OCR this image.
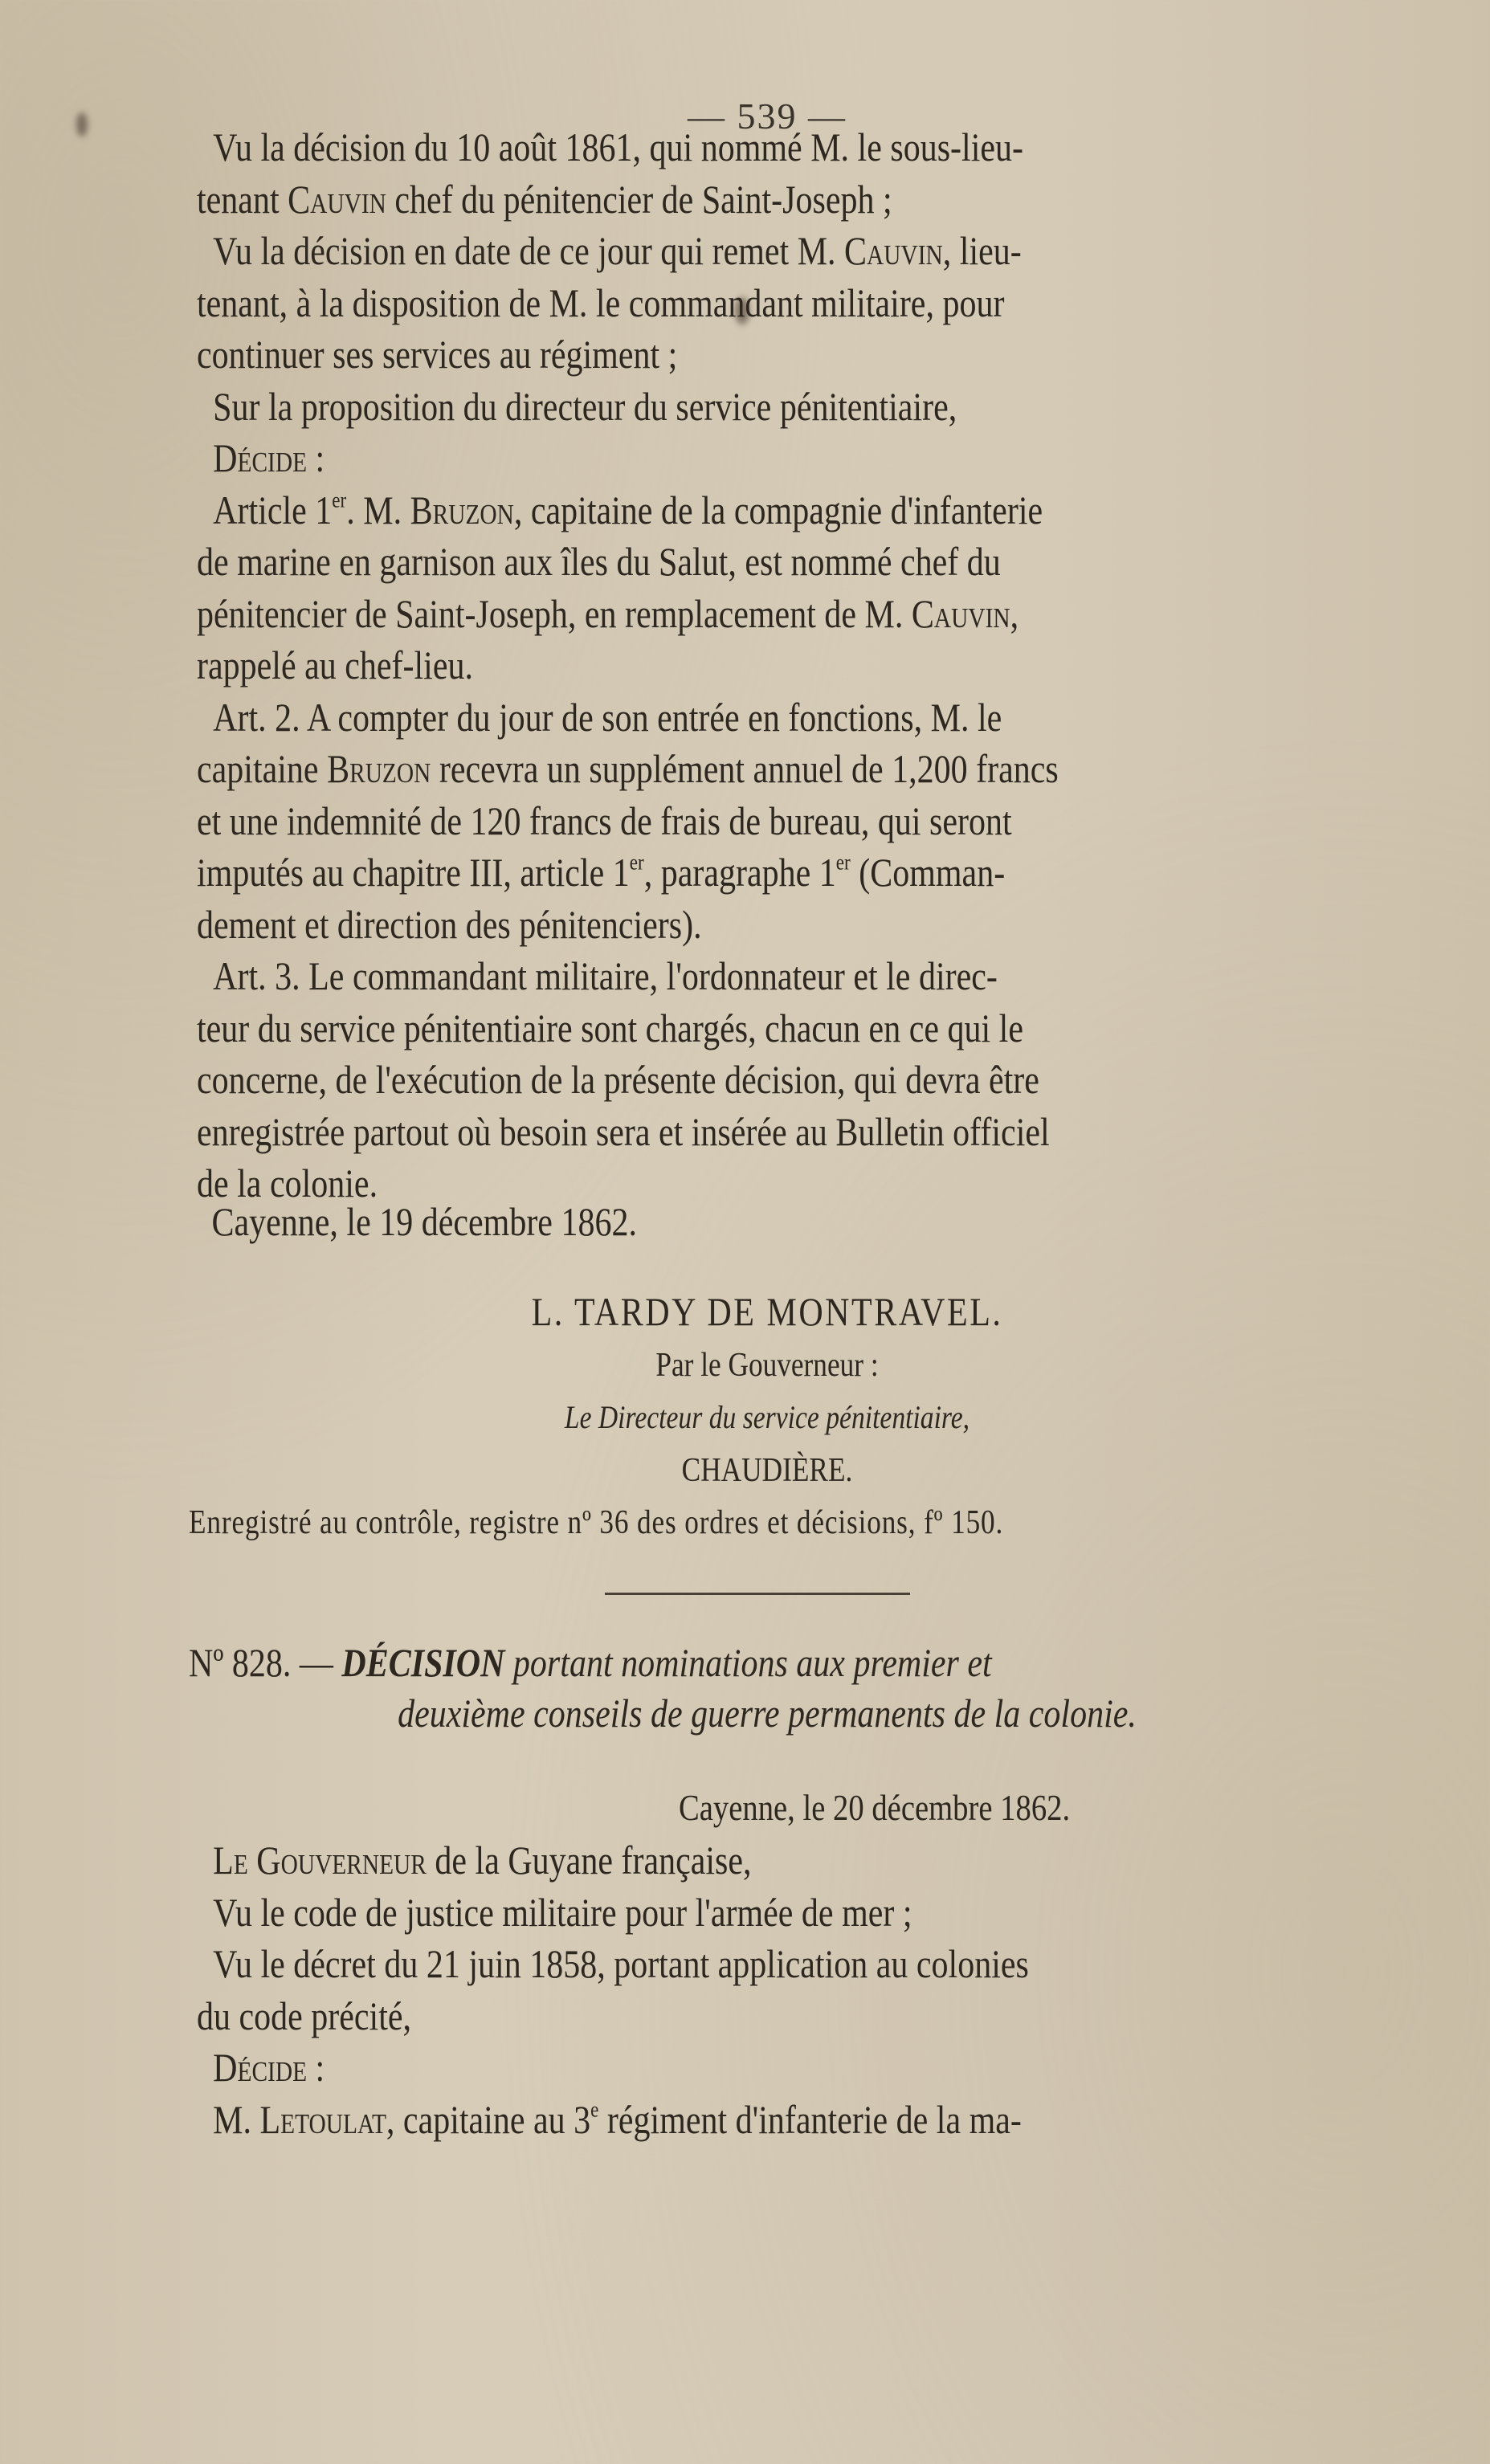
— 539 —
Vu la décision du 10 août 1861, qui nommé M. le sous-lieu-
tenant Cauvin chef du pénitencier de Saint-Joseph ;
Vu la décision en date de ce jour qui remet M. Cauvin, lieu-
tenant, à la disposition de M. le commandant militaire, pour
continuer ses services au régiment ;
Sur la proposition du directeur du service pénitentiaire,
Décide :
Article 1er. M. Bruzon, capitaine de la compagnie d'infanterie
de marine en garnison aux îles du Salut, est nommé chef du
pénitencier de Saint-Joseph, en remplacement de M. Cauvin,
rappelé au chef-lieu.
Art. 2. A compter du jour de son entrée en fonctions, M. le
capitaine Bruzon recevra un supplément annuel de 1,200 francs
et une indemnité de 120 francs de frais de bureau, qui seront
imputés au chapitre III, article 1er, paragraphe 1er (Comman-
dement et direction des pénitenciers).
Art. 3. Le commandant militaire, l'ordonnateur et le direc-
teur du service pénitentiaire sont chargés, chacun en ce qui le
concerne, de l'exécution de la présente décision, qui devra être
enregistrée partout où besoin sera et insérée au Bulletin officiel
de la colonie.
Cayenne, le 19 décembre 1862.
L. TARDY DE MONTRAVEL.
Par le Gouverneur :
Le Directeur du service pénitentiaire,
CHAUDIÈRE.
Enregistré au contrôle, registre nº 36 des ordres et décisions, fº 150.
Nº 828. — DÉCISION portant nominations aux premier et
deuxième conseils de guerre permanents de la colonie.
Cayenne, le 20 décembre 1862.
Le Gouverneur de la Guyane française,
Vu le code de justice militaire pour l'armée de mer ;
Vu le décret du 21 juin 1858, portant application au colonies
du code précité,
Décide :
M. Letoulat, capitaine au 3e régiment d'infanterie de la ma-
